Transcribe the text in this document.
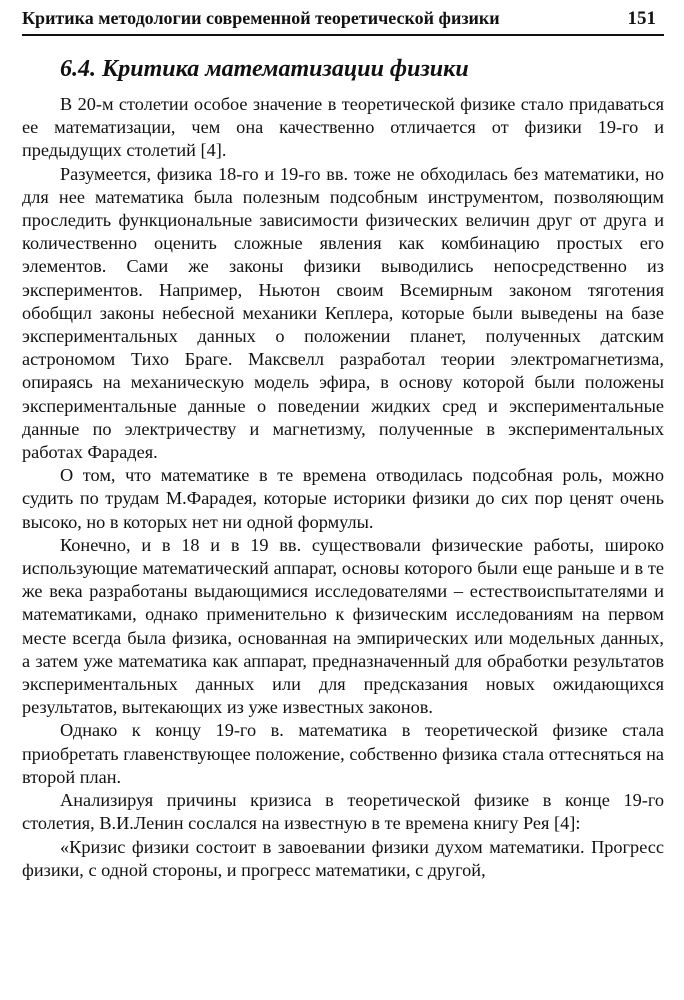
Критика методологии современной теоретической физики	151
6.4. Критика математизации физики

В 20-м столетии особое значение в теоретической физике стало придаваться ее математизации, чем она качественно отличается от физики 19-го и предыдущих столетий [4].

Разумеется, физика 18-го и 19-го вв. тоже не обходилась без математики, но для нее математика была полезным подсобным инструментом, позволяющим проследить функциональные зависимости физических величин друг от друга и количественно оценить сложные явления как комбинацию простых его элементов. Сами же законы физики выводились непосредственно из экспериментов. Например, Ньютон своим Всемирным законом тяготения обобщил законы небесной механики Кеплера, которые были выведены на базе экспериментальных данных о положении планет, полученных датским астрономом Тихо Браге. Максвелл разработал теории электромагнетизма, опираясь на механическую модель эфира, в основу которой были положены экспериментальные данные о поведении жидких сред и экспериментальные данные по электричеству и магнетизму, полученные в экспериментальных работах Фарадея.

О том, что математике в те времена отводилась подсобная роль, можно судить по трудам М.Фарадея, которые историки физики до сих пор ценят очень высоко, но в которых нет ни одной формулы.

Конечно, и в 18 и в 19 вв. существовали физические работы, широко использующие математический аппарат, основы которого были еще раньше и в те же века разработаны выдающимися исследователями – естествоиспытателями и математиками, однако применительно к физическим исследованиям на первом месте всегда была физика, основанная на эмпирических или модельных данных, а затем уже математика как аппарат, предназначенный для обработки результатов экспериментальных данных или для предсказания новых ожидающихся результатов, вытекающих из уже известных законов.

Однако к концу 19-го в. математика в теоретической физике стала приобретать главенствующее положение, собственно физика стала оттесняться на второй план.

Анализируя причины кризиса в теоретической физике в конце 19-го столетия, В.И.Ленин сослался на известную в те времена книгу Рея [4]:

«Кризис физики состоит в завоевании физики духом математики. Прогресс физики, с одной стороны, и прогресс математики, с другой,
